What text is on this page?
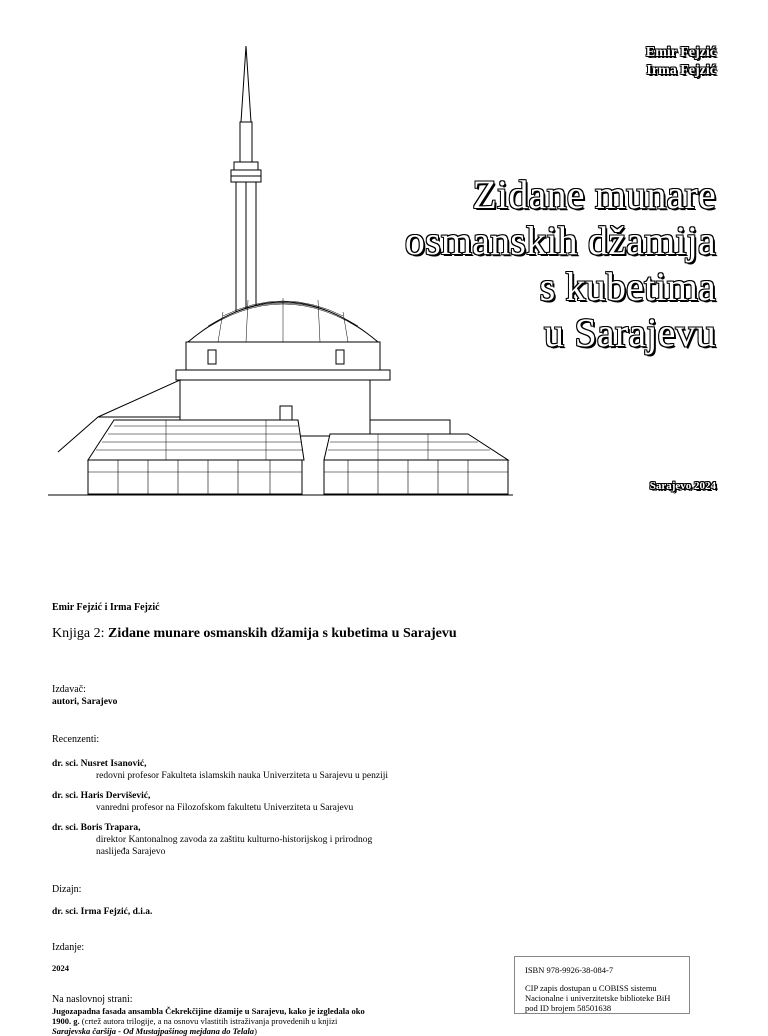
Emir Fejzić
Irma Fejzić
Zidane munare
osmanskih džamija
s kubetima
u Sarajevu
Sarajevo 2024
Emir Fejzić i Irma Fejzić
Knjiga 2: Zidane munare osmanskih džamija s kubetima u Sarajevu
Izdavač:
autori, Sarajevo
Recenzenti:
dr. sci. Nusret Isanović,
redovni profesor Fakulteta islamskih nauka Univerziteta u Sarajevu u penziji
dr. sci. Haris Dervišević,
vanredni profesor na Filozofskom fakultetu Univerziteta u Sarajevu
dr. sci. Boris Trapara,
direktor Kantonalnog zavoda za zaštitu kulturno-historijskog i prirodnog naslijeđa Sarajevo
Dizajn:
dr. sci. Irma Fejzić, d.i.a.
Izdanje:
2024
Na naslovnoj strani:
Jugozapadna fasada ansambla Čekrekčijine džamije u Sarajevu, kako je izgledala oko 1900. g. (crtež autora trilogije, a na osnovu vlastitih istraživanja provedenih u knjizi Sarajevska čaršija - Od Mustajpašinog mejdana do Telala)
ISBN 978-9926-38-084-7
CIP zapis dostupan u COBISS sistemu Nacionalne i univerzitetske biblioteke BiH pod ID brojem 58501638
